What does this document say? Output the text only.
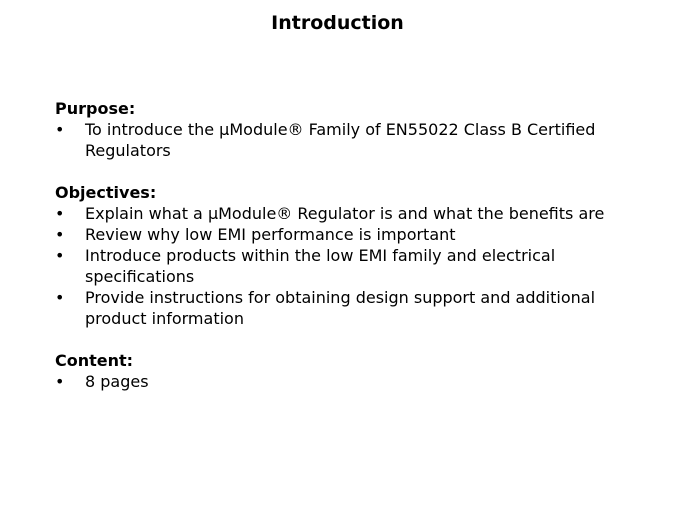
Introduction

Purpose:

• To introduce the µModule® Family of EN55022 Class B Certified Regulators

Objectives:

• Explain what a µModule® Regulator is and what the benefits are
• Review why low EMI performance is important
• Introduce products within the low EMI family and electrical specifications
• Provide instructions for obtaining design support and additional product information

Content:

• 8 pages
